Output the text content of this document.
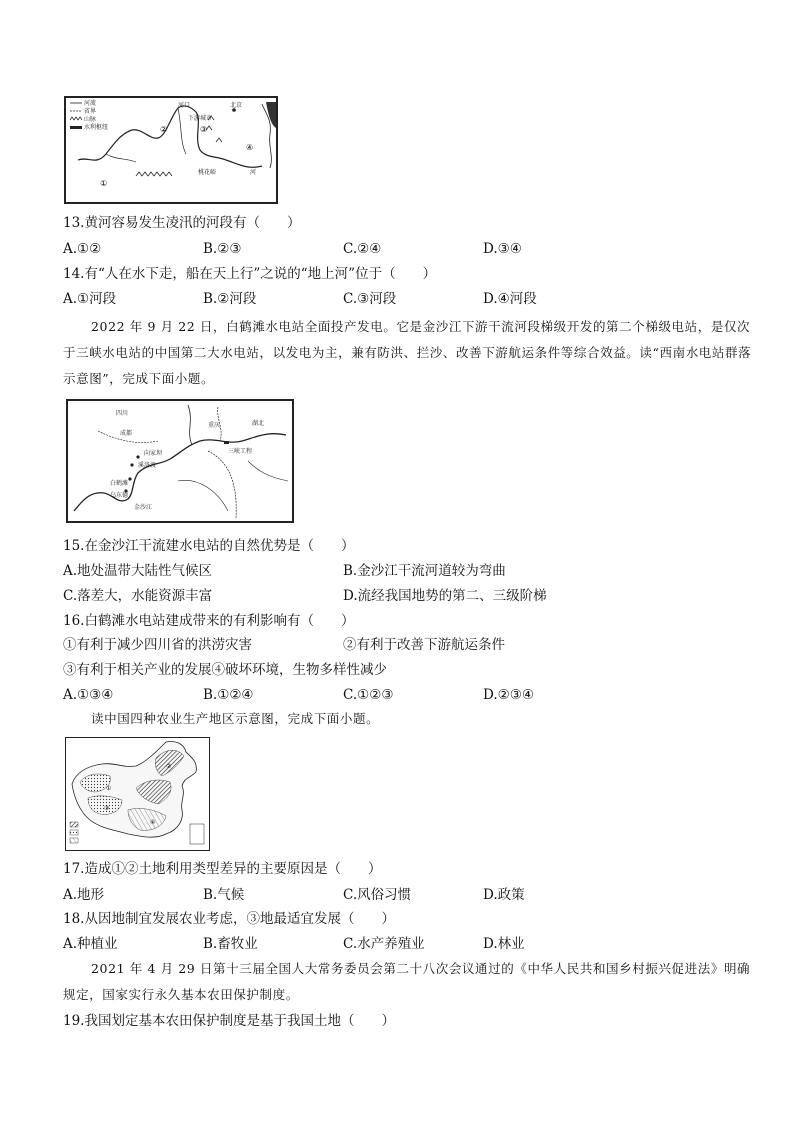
河流
省界
山脉
水利枢纽
河口	北京
下游城市
桃花峪	河
①
②	③
④
13.黄河容易发生凌汛的河段有（　　）
A.①②	B.②③	C.②④	D.③④
14.有“人在水下走，船在天上行”之说的“地上河”位于（　　）
A.①河段	B.②河段	C.③河段	D.④河段
2022 年 9 月 22 日，白鹤滩水电站全面投产发电。它是金沙江下游干流河段梯级开发的第二个梯级电站，是仅次于三峡水电站的中国第二大水电站，以发电为主，兼有防洪、拦沙、改善下游航运条件等综合效益。读“西南水电站群落示意图”，完成下面小题。
四川
成都
重庆	湖北
三峡工程
乌东德
白鹤滩
溪洛渡
向家坝
金沙江
15.在金沙江干流建水电站的自然优势是（　　）
A.地处温带大陆性气候区	B.金沙江干流河道较为弯曲
C.落差大，水能资源丰富	D.流经我国地势的第二、三级阶梯
16.白鹤滩水电站建成带来的有利影响有（　　）
①有利于减少四川省的洪涝灾害	②有利于改善下游航运条件
③有利于相关产业的发展④破坏环境，生物多样性减少
A.①③④	B.①②④	C.①②③	D.②③④
读中国四种农业生产地区示意图，完成下面小题。
①
②
③
④
17.造成①②土地利用类型差异的主要原因是（　　）
A.地形	B.气候	C.风俗习惯	D.政策
18.从因地制宜发展农业考虑，③地最适宜发展（　　）
A.种植业	B.畜牧业	C.水产养殖业	D.林业
2021 年 4 月 29 日第十三届全国人大常务委员会第二十八次会议通过的《中华人民共和国乡村振兴促进法》明确规定，国家实行永久基本农田保护制度。
19.我国划定基本农田保护制度是基于我国土地（　　）
